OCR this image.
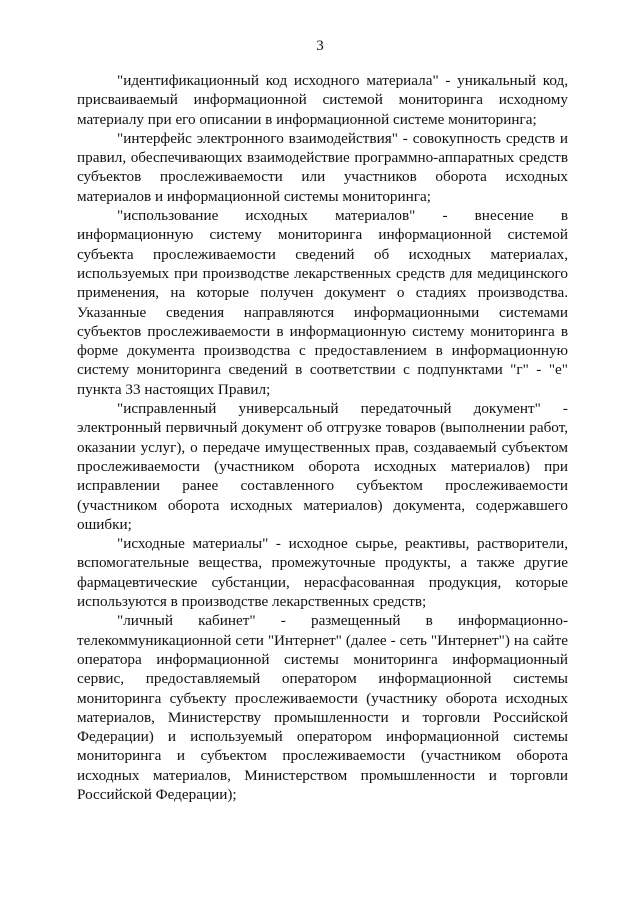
3

"идентификационный код исходного материала" - уникальный код, присваиваемый информационной системой мониторинга исходному материалу при его описании в информационной системе мониторинга;

"интерфейс электронного взаимодействия" - совокупность средств и правил, обеспечивающих взаимодействие программно-аппаратных средств субъектов прослеживаемости или участников оборота исходных материалов и информационной системы мониторинга;

"использование исходных материалов" - внесение в информационную систему мониторинга информационной системой субъекта прослеживаемости сведений об исходных материалах, используемых при производстве лекарственных средств для медицинского применения, на которые получен документ о стадиях производства. Указанные сведения направляются информационными системами субъектов прослеживаемости в информационную систему мониторинга в форме документа производства с предоставлением в информационную систему мониторинга сведений в соответствии с подпунктами "г" - "е" пункта 33 настоящих Правил;

"исправленный универсальный передаточный документ" - электронный первичный документ об отгрузке товаров (выполнении работ, оказании услуг), о передаче имущественных прав, создаваемый субъектом прослеживаемости (участником оборота исходных материалов) при исправлении ранее составленного субъектом прослеживаемости (участником оборота исходных материалов) документа, содержавшего ошибки;

"исходные материалы" - исходное сырье, реактивы, растворители, вспомогательные вещества, промежуточные продукты, а также другие фармацевтические субстанции, нерасфасованная продукция, которые используются в производстве лекарственных средств;

"личный кабинет" - размещенный в информационно-телекоммуникационной сети "Интернет" (далее - сеть "Интернет") на сайте оператора информационной системы мониторинга информационный сервис, предоставляемый оператором информационной системы мониторинга субъекту прослеживаемости (участнику оборота исходных материалов, Министерству промышленности и торговли Российской Федерации) и используемый оператором информационной системы мониторинга и субъектом прослеживаемости (участником оборота исходных материалов, Министерством промышленности и торговли Российской Федерации);
